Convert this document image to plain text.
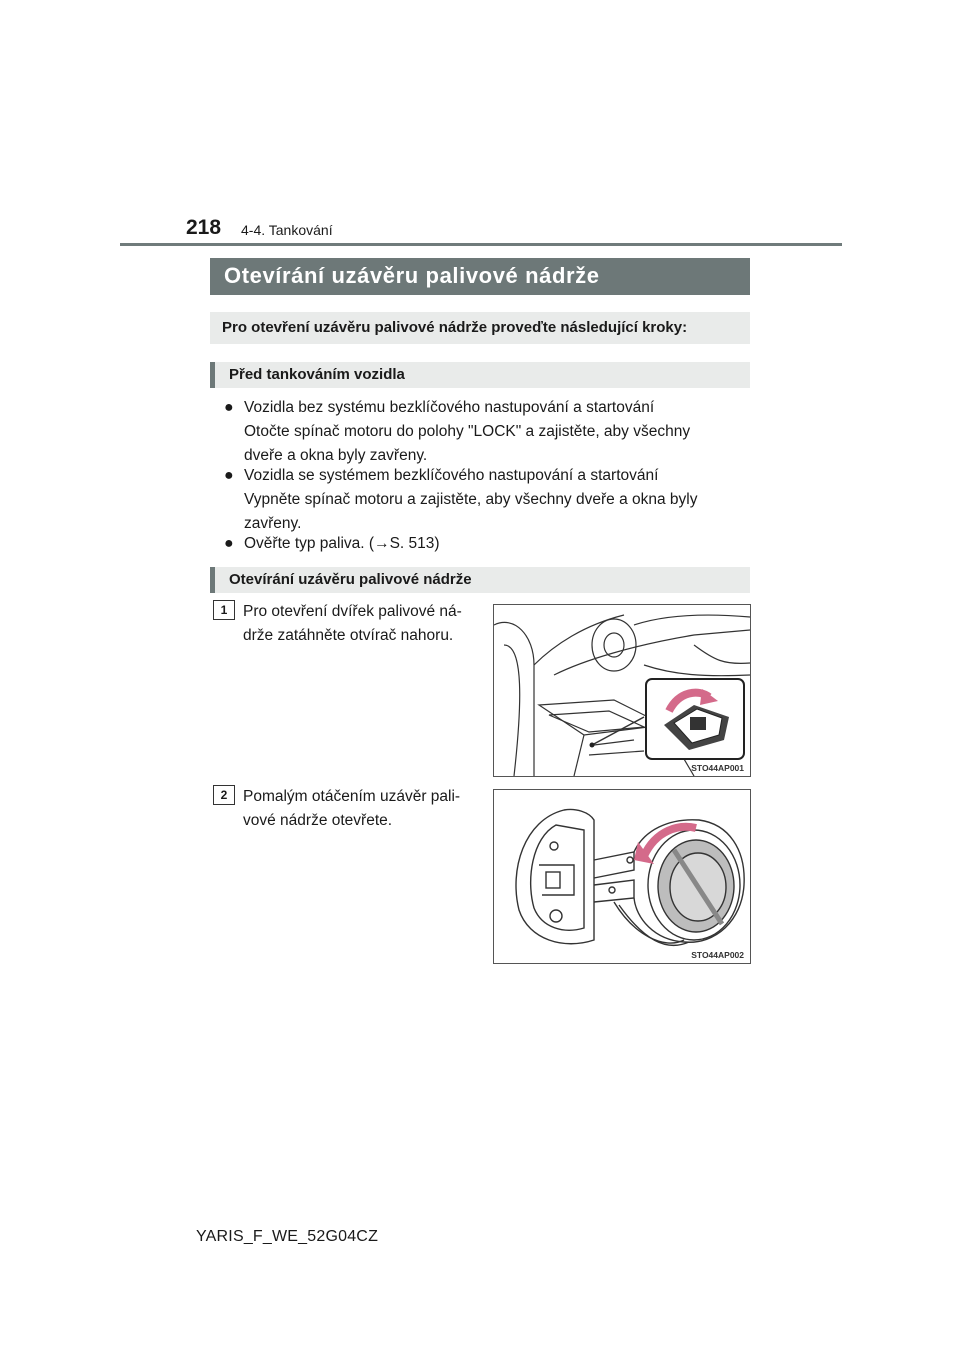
218 4-4. Tankování
Otevírání uzávěru palivové nádrže
Pro otevření uzávěru palivové nádrže proveďte následující kroky:
Před tankováním vozidla
● Vozidla bez systému bezklíčového nastupování a startování
Otočte spínač motoru do polohy "LOCK" a zajistěte, aby všechny
dveře a okna byly zavřeny.
● Vozidla se systémem bezklíčového nastupování a startování
Vypněte spínač motoru a zajistěte, aby všechny dveře a okna byly
zavřeny.
● Ověřte typ paliva. (→S. 513)
Otevírání uzávěru palivové nádrže
1	Pro otevření dvířek palivové ná-
drže zatáhněte otvírač nahoru.
STO44AP001
2	Pomalým otáčením uzávěr pali-
vové nádrže otevřete.
STO44AP002
YARIS_F_WE_52G04CZ
